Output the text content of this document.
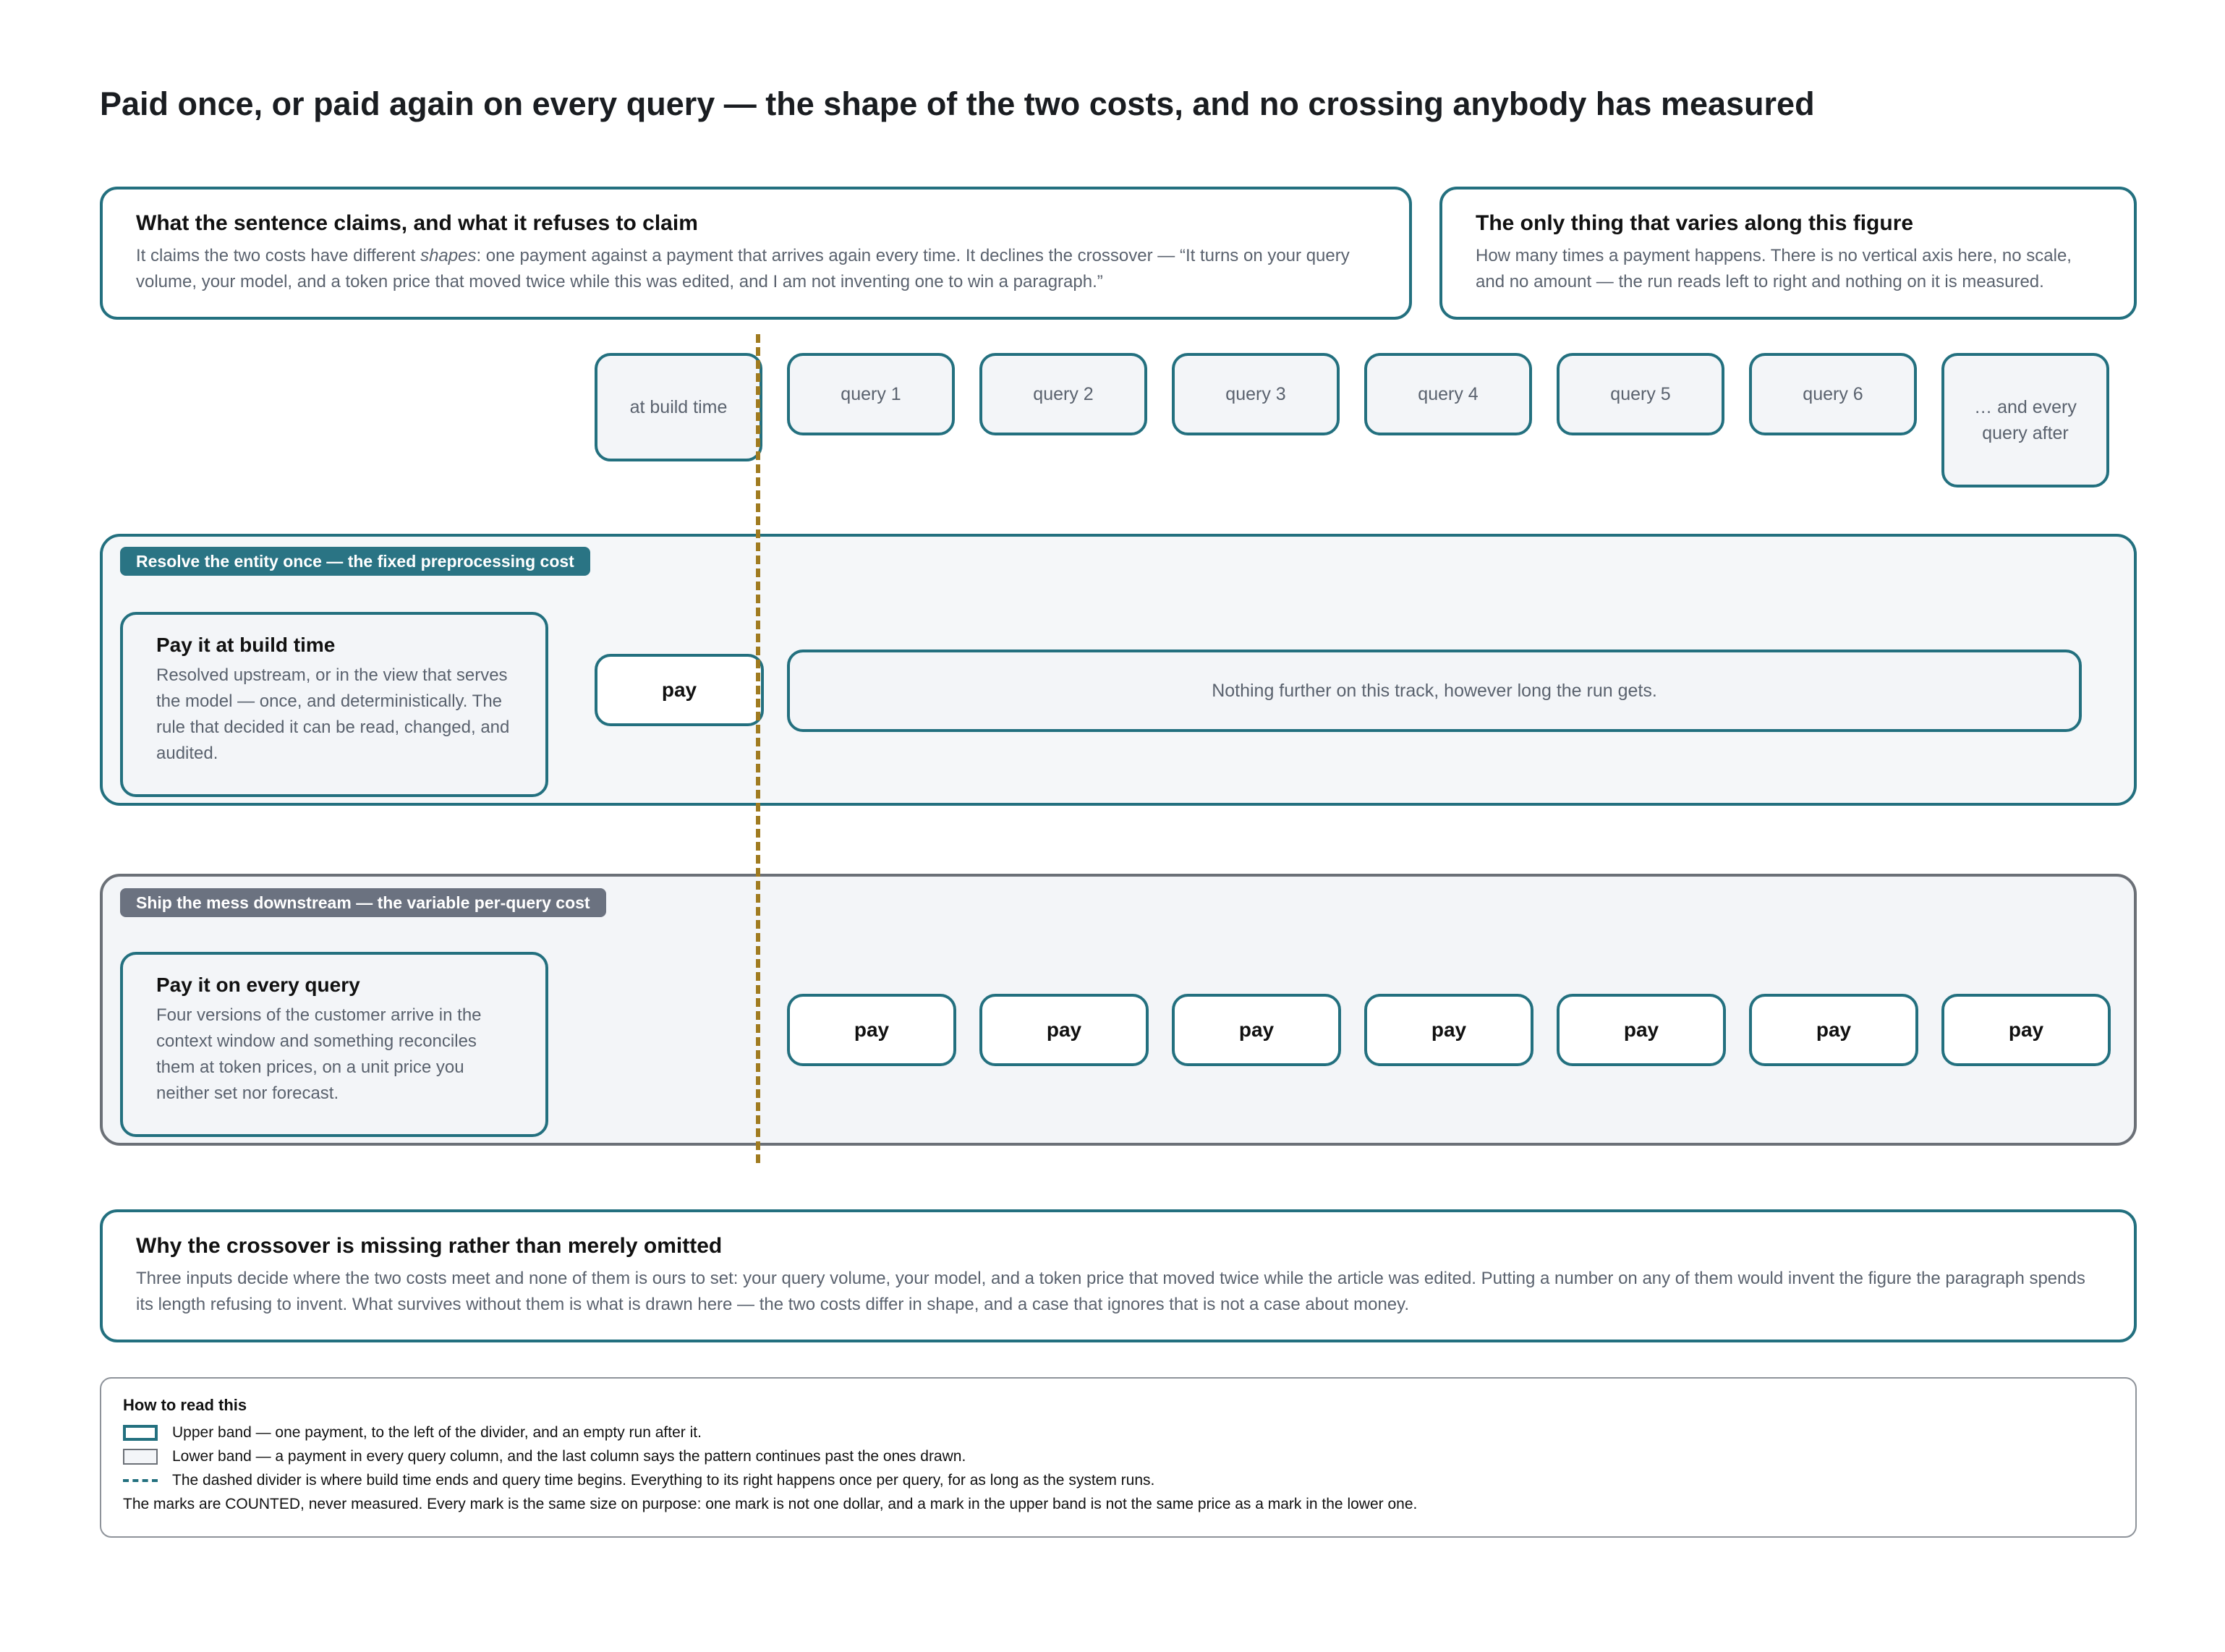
Paid once, or paid again on every query — the shape of the two costs, and no crossing anybody has measured
What the sentence claims, and what it refuses to claim
It claims the two costs have different shapes: one payment against a payment that arrives again every time. It declines the crossover — “It turns on your query volume, your model, and a token price that moved twice while this was edited, and I am not inventing one to win a paragraph.”
The only thing that varies along this figure
How many times a payment happens. There is no vertical axis here, no scale, and no amount — the run reads left to right and nothing on it is measured.
at build time
query 1	query 2	query 3	query 4	query 5	query 6
… and every query after
Resolve the entity once — the fixed preprocessing cost
Pay it at build time
Resolved upstream, or in the view that serves the model — once, and deterministically. The rule that decided it can be read, changed, and audited.
pay	Nothing further on this track, however long the run gets.
Ship the mess downstream — the variable per-query cost
Pay it on every query
Four versions of the customer arrive in the context window and something reconciles them at token prices, on a unit price you neither set nor forecast.
pay	pay	pay	pay	pay	pay	pay
Why the crossover is missing rather than merely omitted
Three inputs decide where the two costs meet and none of them is ours to set: your query volume, your model, and a token price that moved twice while the article was edited. Putting a number on any of them would invent the figure the paragraph spends its length refusing to invent. What survives without them is what is drawn here — the two costs differ in shape, and a case that ignores that is not a case about money.
How to read this
Upper band — one payment, to the left of the divider, and an empty run after it.
Lower band — a payment in every query column, and the last column says the pattern continues past the ones drawn.
The dashed divider is where build time ends and query time begins. Everything to its right happens once per query, for as long as the system runs.
The marks are COUNTED, never measured. Every mark is the same size on purpose: one mark is not one dollar, and a mark in the upper band is not the same price as a mark in the lower one.
